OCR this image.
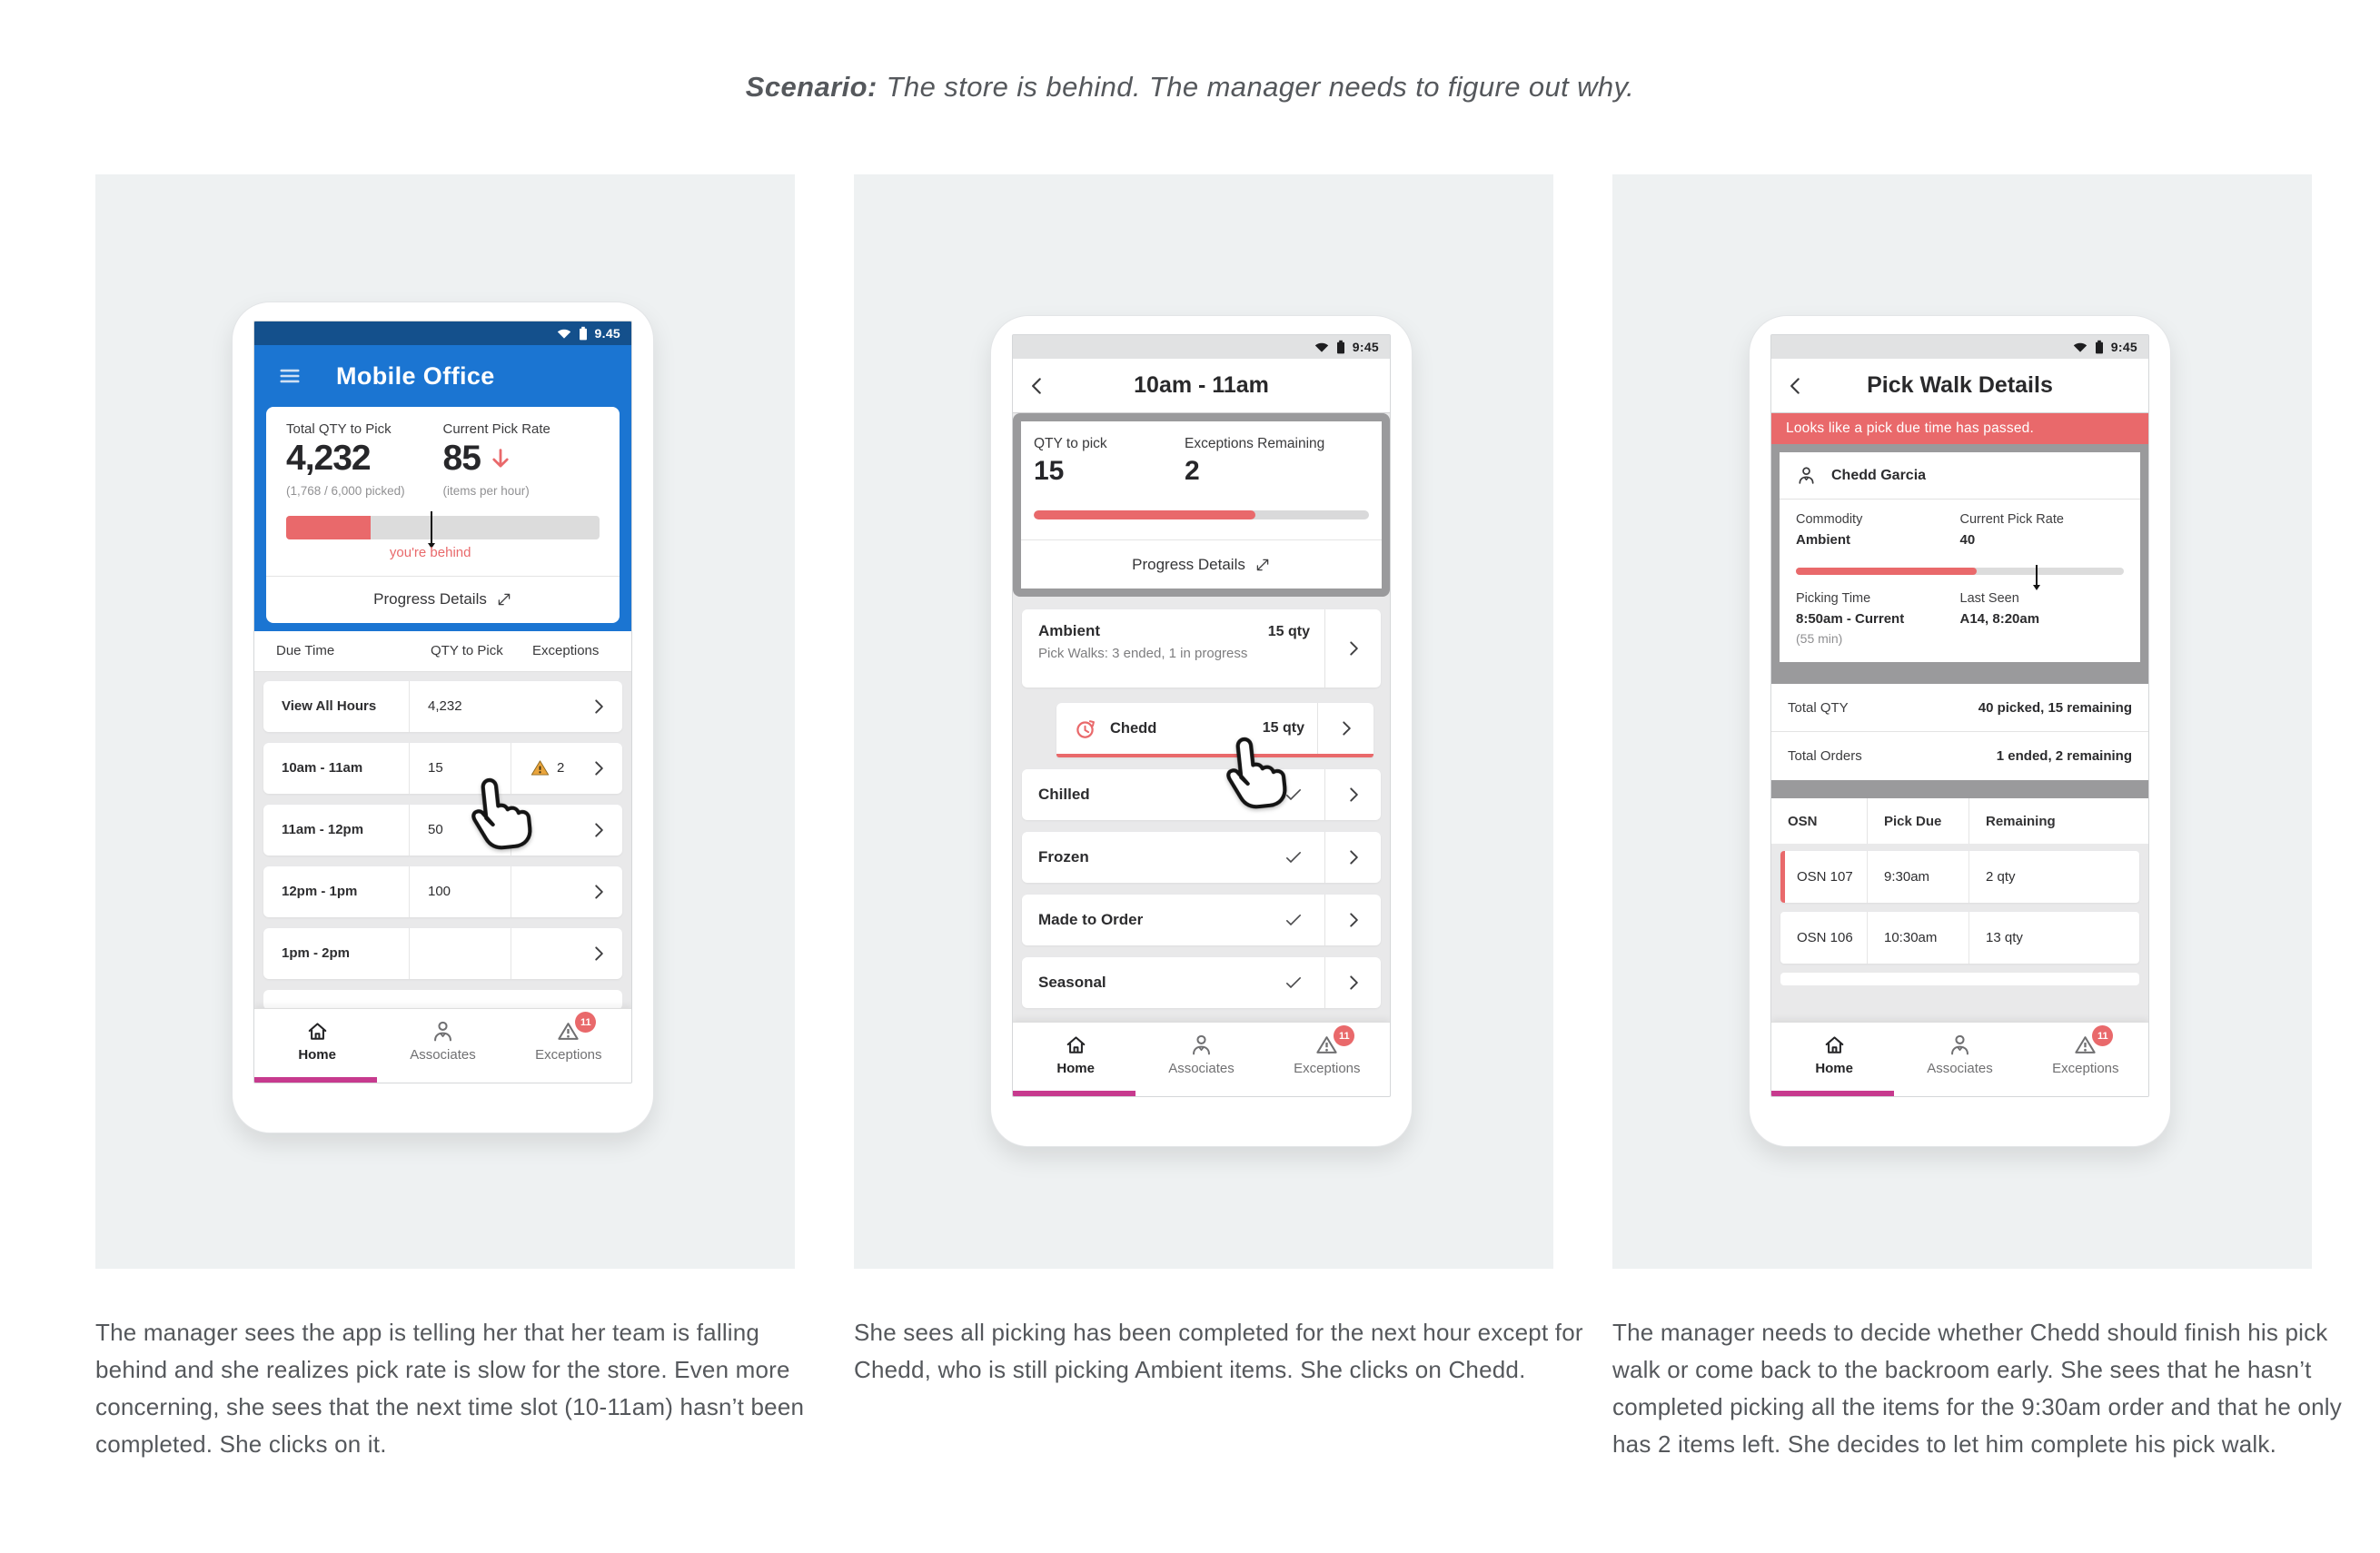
Scenario: The store is behind. The manager needs to figure out why.
9.45
Mobile Office
Total QTY to Pick
4,232
(1,768 / 6,000 picked)
Current Pick Rate
85
(items per hour)
you're behind
Progress Details
Due Time	QTY to Pick	Exceptions
View All Hours	4,232
10am - 11am	15	2
11am - 12pm	50
12pm - 1pm	100
1pm - 2pm
Home	Associates
11
Exceptions
9:45
10am - 11am
QTY to pick
15
Exceptions Remaining
2
Progress Details
Ambient	15 qty
Pick Walks: 3 ended, 1 in progress
Chedd	15 qty
Chilled
Frozen
Made to Order
Seasonal
Home	Associates
11
Exceptions
9:45
Pick Walk Details
Looks like a pick due time has passed.
Chedd Garcia
Commodity
Ambient
Current Pick Rate
40
Picking Time
8:50am - Current
(55 min)
Last Seen
A14, 8:20am
Total QTY	40 picked, 15 remaining
Total Orders	1 ended, 2 remaining
OSN	Pick Due	Remaining
OSN 107	9:30am	2 qty
OSN 106	10:30am	13 qty
Home	Associates
11
Exceptions

The manager sees the app is telling her that her team is falling behind and she realizes pick rate is slow for the store. Even more concerning, she sees that the next time slot (10-11am) hasn’t been completed. She clicks on it.

She sees all picking has been completed for the next hour except for Chedd, who is still picking Ambient items. She clicks on Chedd.

The manager needs to decide whether Chedd should finish his pick walk or come back to the backroom early. She sees that he hasn’t completed picking all the items for the 9:30am order and that he only has 2 items left. She decides to let him complete his pick walk.
